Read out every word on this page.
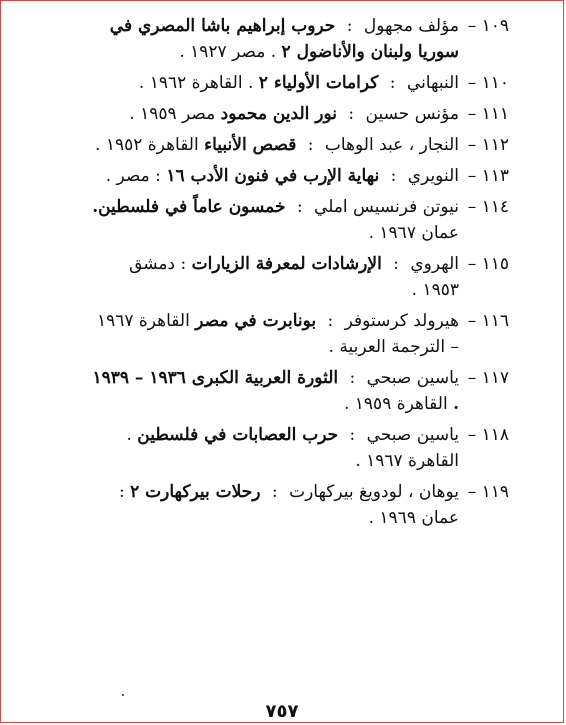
١٠٩ –
مؤلف مجهول : حروب إبراهيم باشا المصري في سوريا ولبنان والأناضول ٢ . مصر ١٩٢٧ .
١١٠ –
النبهاني : كرامات الأولياء ٢ . القاهرة ١٩٦٢ .
١١١ –
مؤنس حسين : نور الدين محمود مصر ١٩٥٩ .
١١٢ –
النجار ، عبد الوهاب : قصص الأنبياء القاهرة ١٩٥٢ .
١١٣ –
النويري : نهاية الإرب في فنون الأدب ١٦ : مصر .
١١٤ –
نيوتن فرنسيس املي : خمسون عاماً في فلسطين. عمان ١٩٦٧ .
١١٥ –
الهروي : الإرشادات لمعرفة الزيارات : دمشق ١٩٥٣ .
١١٦ –
هيرولد كرستوفر : بونابرت في مصر القاهرة ١٩٦٧ – الترجمة العربية .
١١٧ –
ياسين صبحي : الثورة العربية الكبرى ١٩٣٦ – ١٩٣٩ . القاهرة ١٩٥٩ .
١١٨ –
ياسين صبحي : حرب العصابات في فلسطين . القاهرة ١٩٦٧ .
١١٩ –
يوهان ، لودويغ بيركهارت : رحلات بيركهارت ٢ : عمان ١٩٦٩ .
٧٥٧
